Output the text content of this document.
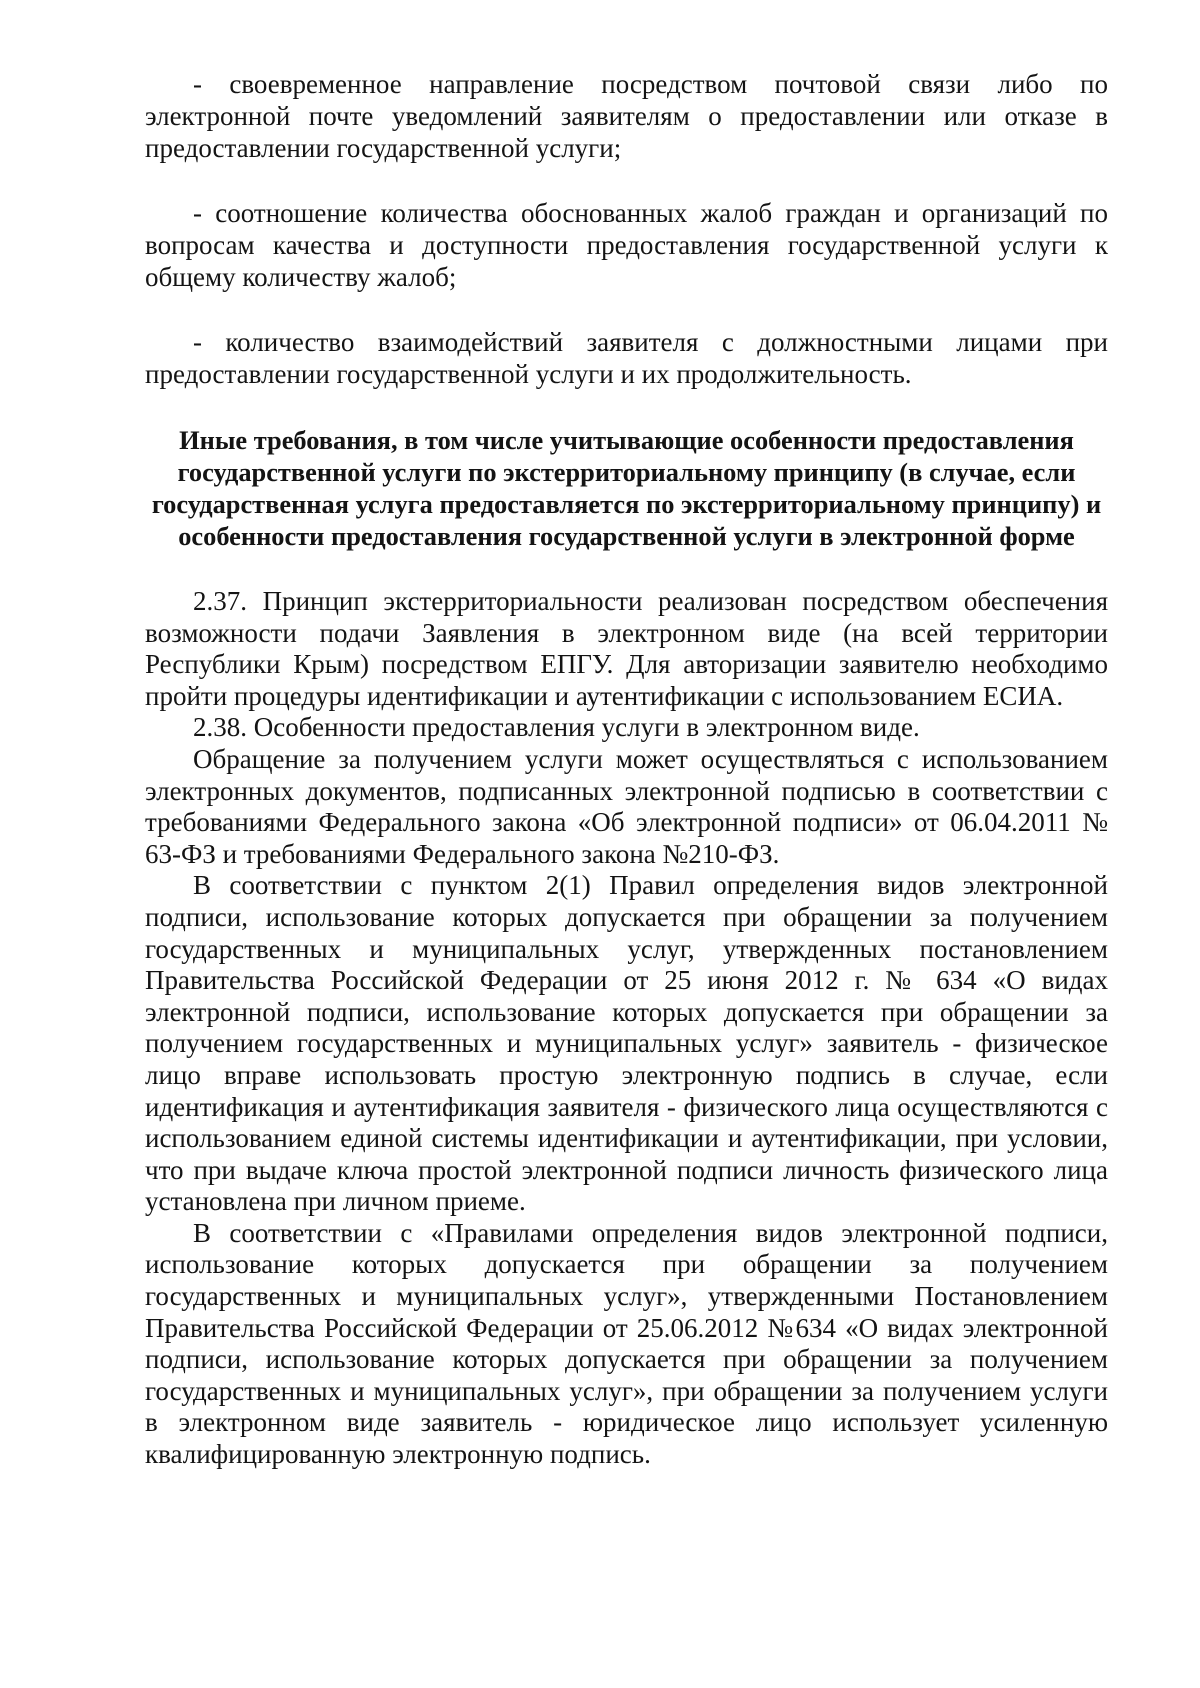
- своевременное направление посредством почтовой связи либо по электронной почте уведомлений заявителям о предоставлении или отказе в предоставлении государственной услуги;

- соотношение количества обоснованных жалоб граждан и организаций по вопросам качества и доступности предоставления государственной услуги к общему количеству жалоб;

- количество взаимодействий заявителя с должностными лицами при предоставлении государственной услуги и их продолжительность.

Иные требования, в том числе учитывающие особенности предоставления государственной услуги по экстерриториальному принципу (в случае, если государственная услуга предоставляется по экстерриториальному принципу) и особенности предоставления государственной услуги в электронной форме

2.37. Принцип экстерриториальности реализован посредством обеспечения возможности подачи Заявления в электронном виде (на всей территории Республики Крым) посредством ЕПГУ. Для авторизации заявителю необходимо пройти процедуры идентификации и аутентификации с использованием ЕСИА.

2.38. Особенности предоставления услуги в электронном виде.

Обращение за получением услуги может осуществляться с использованием электронных документов, подписанных электронной подписью в соответствии с требованиями Федерального закона «Об электронной подписи» от 06.04.2011 № 63-ФЗ и требованиями Федерального закона №210-ФЗ.

В соответствии с пунктом 2(1) Правил определения видов электронной подписи, использование которых допускается при обращении за получением государственных и муниципальных услуг, утвержденных постановлением Правительства Российской Федерации от 25 июня 2012 г. № 634 «О видах электронной подписи, использование которых допускается при обращении за получением государственных и муниципальных услуг» заявитель - физическое лицо вправе использовать простую электронную подпись в случае, если идентификация и аутентификация заявителя - физического лица осуществляются с использованием единой системы идентификации и аутентификации, при условии, что при выдаче ключа простой электронной подписи личность физического лица установлена при личном приеме.

В соответствии с «Правилами определения видов электронной подписи, использование которых допускается при обращении за получением государственных и муниципальных услуг», утвержденными Постановлением Правительства Российской Федерации от 25.06.2012 №634 «О видах электронной подписи, использование которых допускается при обращении за получением государственных и муниципальных услуг», при обращении за получением услуги в электронном виде заявитель - юридическое лицо использует усиленную квалифицированную электронную подпись.
